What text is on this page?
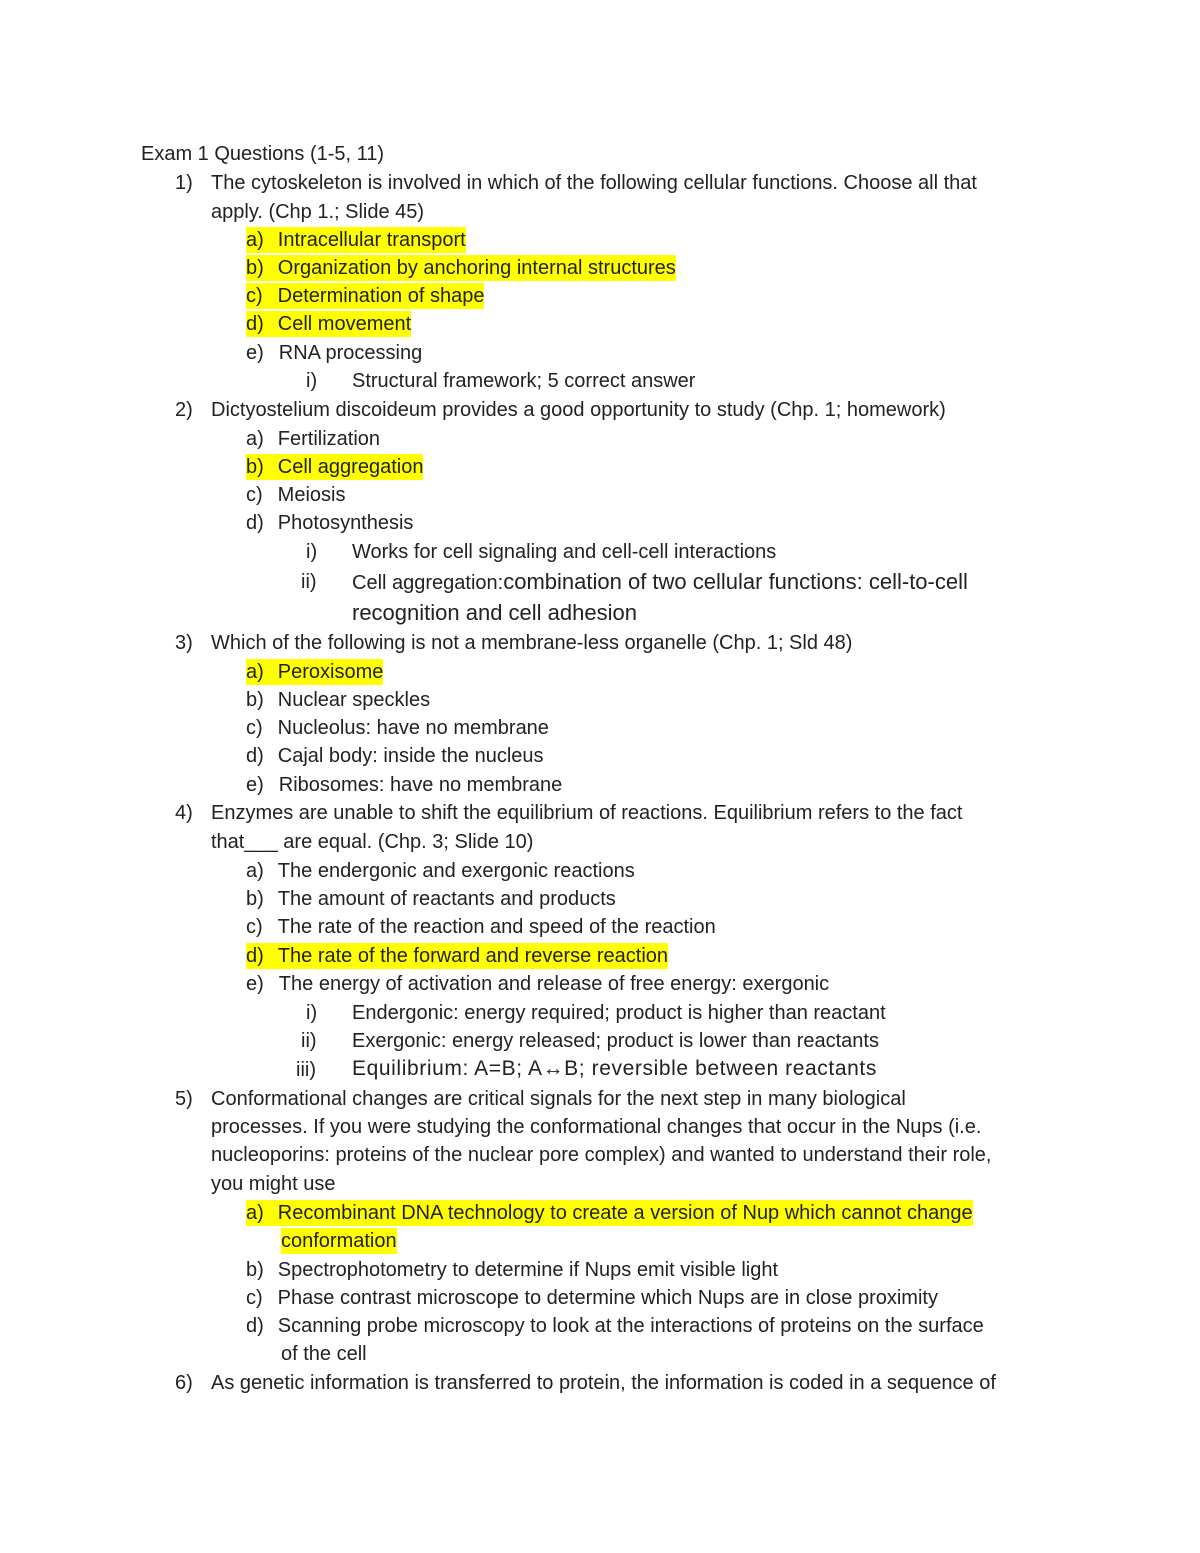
Exam 1 Questions (1-5, 11)
1) The cytoskeleton is involved in which of the following cellular functions. Choose all that
apply. (Chp 1.; Slide 45)
a) Intracellular transport
b) Organization by anchoring internal structures
c) Determination of shape
d) Cell movement
e) RNA processing
i) Structural framework; 5 correct answer
2) Dictyostelium discoideum provides a good opportunity to study (Chp. 1; homework)
a) Fertilization
b) Cell aggregation
c) Meiosis
d) Photosynthesis
i) Works for cell signaling and cell-cell interactions
ii) Cell aggregation:combination of two cellular functions: cell-to-cell
recognition and cell adhesion
3) Which of the following is not a membrane-less organelle (Chp. 1; Sld 48)
a) Peroxisome
b) Nuclear speckles
c) Nucleolus: have no membrane
d) Cajal body: inside the nucleus
e) Ribosomes: have no membrane
4) Enzymes are unable to shift the equilibrium of reactions. Equilibrium refers to the fact
that___ are equal. (Chp. 3; Slide 10)
a) The endergonic and exergonic reactions
b) The amount of reactants and products
c) The rate of the reaction and speed of the reaction
d) The rate of the forward and reverse reaction
e) The energy of activation and release of free energy: exergonic
i) Endergonic: energy required; product is higher than reactant
ii) Exergonic: energy released; product is lower than reactants
iii) Equilibrium: A=B; A↔B; reversible between reactants
5) Conformational changes are critical signals for the next step in many biological
processes. If you were studying the conformational changes that occur in the Nups (i.e.
nucleoporins: proteins of the nuclear pore complex) and wanted to understand their role,
you might use
a) Recombinant DNA technology to create a version of Nup which cannot change
conformation
b) Spectrophotometry to determine if Nups emit visible light
c) Phase contrast microscope to determine which Nups are in close proximity
d) Scanning probe microscopy to look at the interactions of proteins on the surface
of the cell
6) As genetic information is transferred to protein, the information is coded in a sequence of
